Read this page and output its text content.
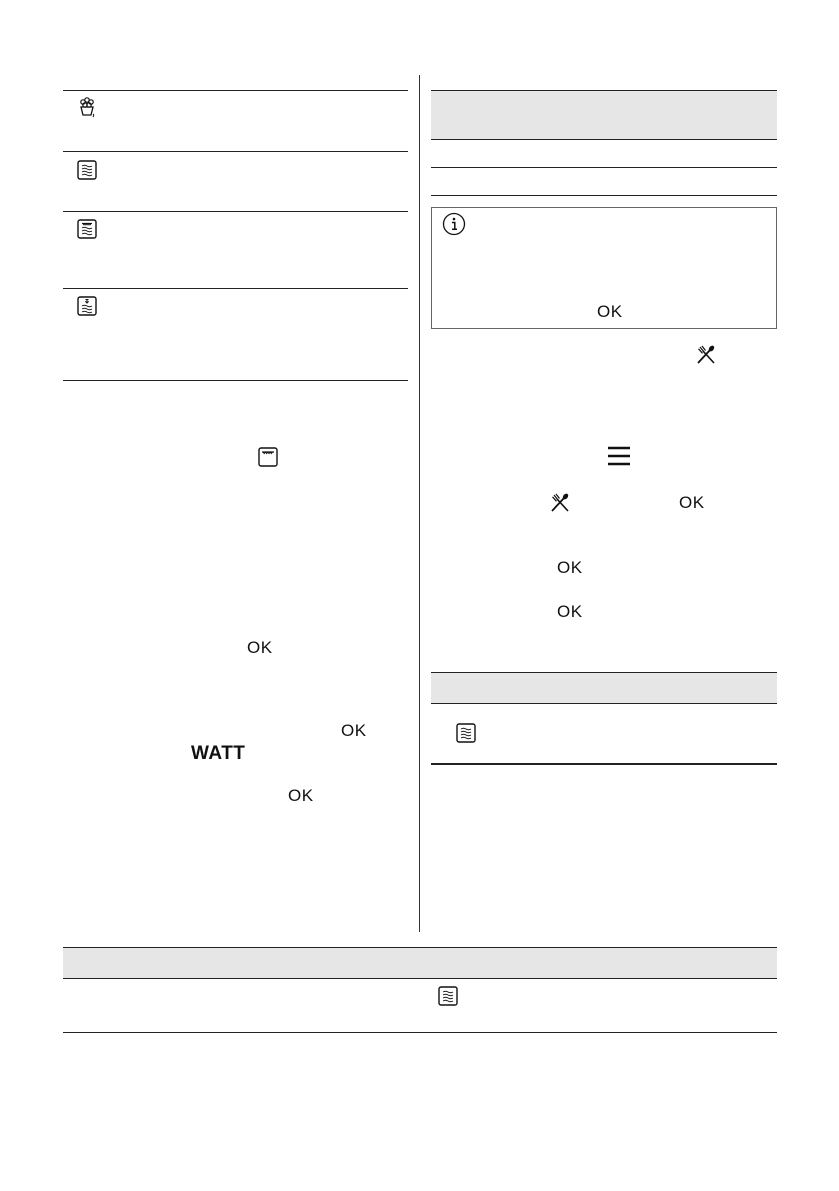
OK
OK
WATT
OK
OK
OK
OK
OK
